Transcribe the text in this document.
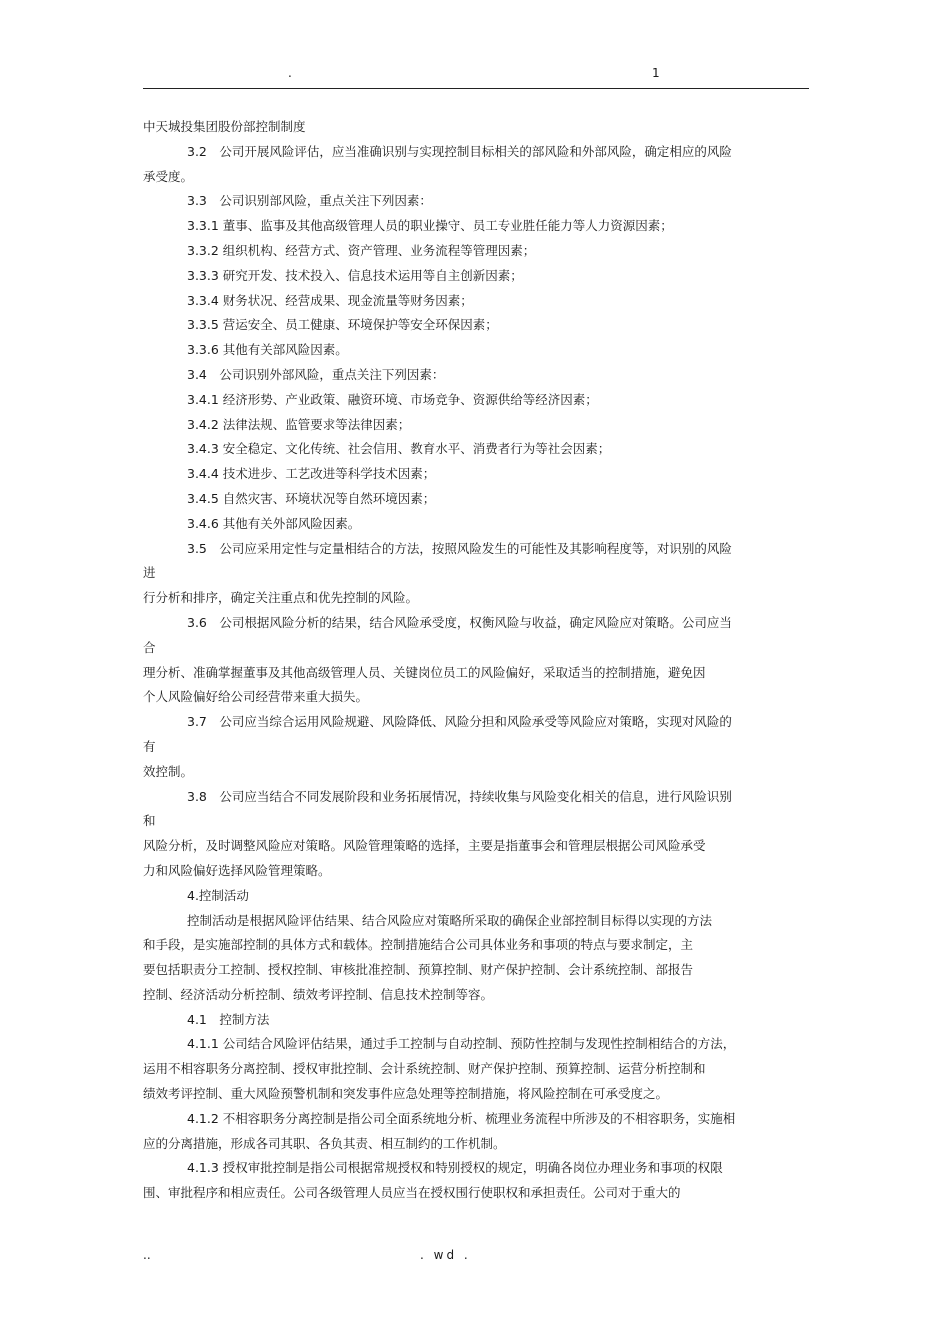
.	1
中天城投集团股份部控制制度
3.2　公司开展风险评估，应当准确识别与实现控制目标相关的部风险和外部风险，确定相应的风险
承受度。
3.3　公司识别部风险，重点关注下列因素：
3.3.1 董事、监事及其他高级管理人员的职业操守、员工专业胜任能力等人力资源因素；
3.3.2 组织机构、经营方式、资产管理、业务流程等管理因素；
3.3.3 研究开发、技术投入、信息技术运用等自主创新因素；
3.3.4 财务状况、经营成果、现金流量等财务因素；
3.3.5 营运安全、员工健康、环境保护等安全环保因素；
3.3.6 其他有关部风险因素。
3.4　公司识别外部风险，重点关注下列因素：
3.4.1 经济形势、产业政策、融资环境、市场竞争、资源供给等经济因素；
3.4.2 法律法规、监管要求等法律因素；
3.4.3 安全稳定、文化传统、社会信用、教育水平、消费者行为等社会因素；
3.4.4 技术进步、工艺改进等科学技术因素；
3.4.5 自然灾害、环境状况等自然环境因素；
3.4.6 其他有关外部风险因素。
3.5　公司应采用定性与定量相结合的方法，按照风险发生的可能性及其影响程度等，对识别的风险
进
行分析和排序，确定关注重点和优先控制的风险。
3.6　公司根据风险分析的结果，结合风险承受度，权衡风险与收益，确定风险应对策略。公司应当
合
理分析、准确掌握董事及其他高级管理人员、关键岗位员工的风险偏好，采取适当的控制措施，避免因
个人风险偏好给公司经营带来重大损失。
3.7　公司应当综合运用风险规避、风险降低、风险分担和风险承受等风险应对策略，实现对风险的
有
效控制。
3.8　公司应当结合不同发展阶段和业务拓展情况，持续收集与风险变化相关的信息，进行风险识别
和
风险分析，及时调整风险应对策略。风险管理策略的选择，主要是指董事会和管理层根据公司风险承受
力和风险偏好选择风险管理策略。
4.控制活动
控制活动是根据风险评估结果、结合风险应对策略所采取的确保企业部控制目标得以实现的方法
和手段，是实施部控制的具体方式和载体。控制措施结合公司具体业务和事项的特点与要求制定，主
要包括职责分工控制、授权控制、审核批准控制、预算控制、财产保护控制、会计系统控制、部报告
控制、经济活动分析控制、绩效考评控制、信息技术控制等容。
4.1　控制方法
4.1.1 公司结合风险评估结果，通过手工控制与自动控制、预防性控制与发现性控制相结合的方法，
运用不相容职务分离控制、授权审批控制、会计系统控制、财产保护控制、预算控制、运营分析控制和
绩效考评控制、重大风险预警机制和突发事件应急处理等控制措施，将风险控制在可承受度之。
4.1.2 不相容职务分离控制是指公司全面系统地分析、梳理业务流程中所涉及的不相容职务，实施相
应的分离措施，形成各司其职、各负其责、相互制约的工作机制。
4.1.3 授权审批控制是指公司根据常规授权和特别授权的规定，明确各岗位办理业务和事项的权限
围、审批程序和相应责任。公司各级管理人员应当在授权围行使职权和承担责任。公司对于重大的
..	. wd .
